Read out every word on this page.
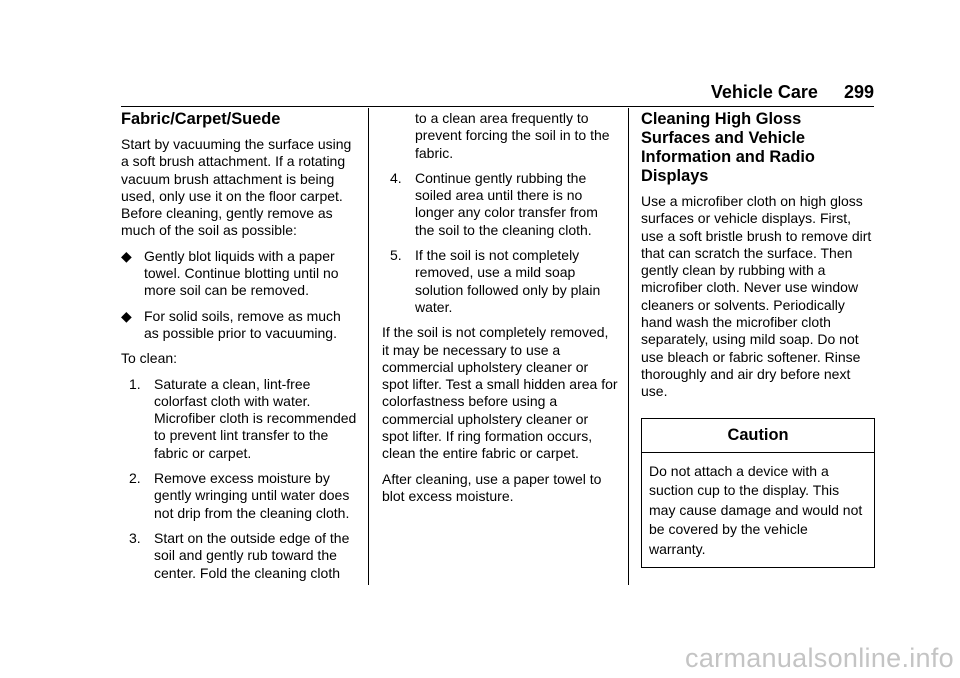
Vehicle Care 299
Fabric/Carpet/Suede

Start by vacuuming the surface using a soft brush attachment. If a rotating vacuum brush attachment is being used, only use it on the floor carpet. Before cleaning, gently remove as much of the soil as possible:

◆ Gently blot liquids with a paper towel. Continue blotting until no more soil can be removed.
◆ For solid soils, remove as much as possible prior to vacuuming.

To clean:

1. Saturate a clean, lint-free colorfast cloth with water. Microfiber cloth is recommended to prevent lint transfer to the fabric or carpet.
2. Remove excess moisture by gently wringing until water does not drip from the cleaning cloth.
3. Start on the outside edge of the soil and gently rub toward the center. Fold the cleaning cloth
to a clean area frequently to prevent forcing the soil in to the fabric.
4. Continue gently rubbing the soiled area until there is no longer any color transfer from the soil to the cleaning cloth.
5. If the soil is not completely removed, use a mild soap solution followed only by plain water.

If the soil is not completely removed, it may be necessary to use a commercial upholstery cleaner or spot lifter. Test a small hidden area for colorfastness before using a commercial upholstery cleaner or spot lifter. If ring formation occurs, clean the entire fabric or carpet.

After cleaning, use a paper towel to blot excess moisture.

Cleaning High Gloss Surfaces and Vehicle Information and Radio Displays

Use a microfiber cloth on high gloss surfaces or vehicle displays. First, use a soft bristle brush to remove dirt that can scratch the surface. Then gently clean by rubbing with a microfiber cloth. Never use window cleaners or solvents. Periodically hand wash the microfiber cloth separately, using mild soap. Do not use bleach or fabric softener. Rinse thoroughly and air dry before next use.

Caution
Do not attach a device with a suction cup to the display. This may cause damage and would not be covered by the vehicle warranty.
carmanualsonline.info
